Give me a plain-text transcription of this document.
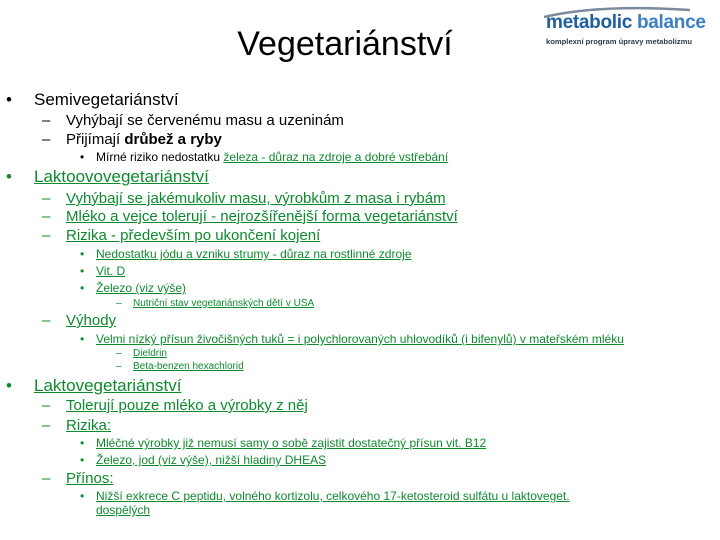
Vegetariánství
metabolic balance
komplexní program úpravy metabolizmu
• Semivegetariánství
– Vyhýbají se červenému masu a uzeninám
– Přijímají drůbež a ryby
• Mírné riziko nedostatku železa - důraz na zdroje a dobré vstřebání
• Laktoovovegetariánství
– Vyhýbají se jakémukoliv masu, výrobkům z masa i rybám
– Mléko a vejce tolerují - nejrozšířenější forma vegetariánství
– Rizika - především po ukončení kojení
• Nedostatku jódu a vzniku strumy - důraz na rostlinné zdroje
• Vit. D
• Železo (viz výše)
– Nutriční stav vegetariánských dětí v USA
– Výhody
• Velmi nízký přísun živočišných tuků = i polychlorovaných uhlovodíků (i bifenylů) v mateřském mléku
– Dieldrin
– Beta-benzen hexachlorid
• Laktovegetariánství
– Tolerují pouze mléko a výrobky z něj
– Rizika:
• Mléčné výrobky již nemusí samy o sobě zajistit dostatečný přísun vit. B12
• Železo, jod (viz výše), nižší hladiny DHEAS
– Přínos:
• Nižší exkrece C peptidu, volného kortizolu, celkového 17-ketosteroid sulfátu u laktoveget.
dospělých
